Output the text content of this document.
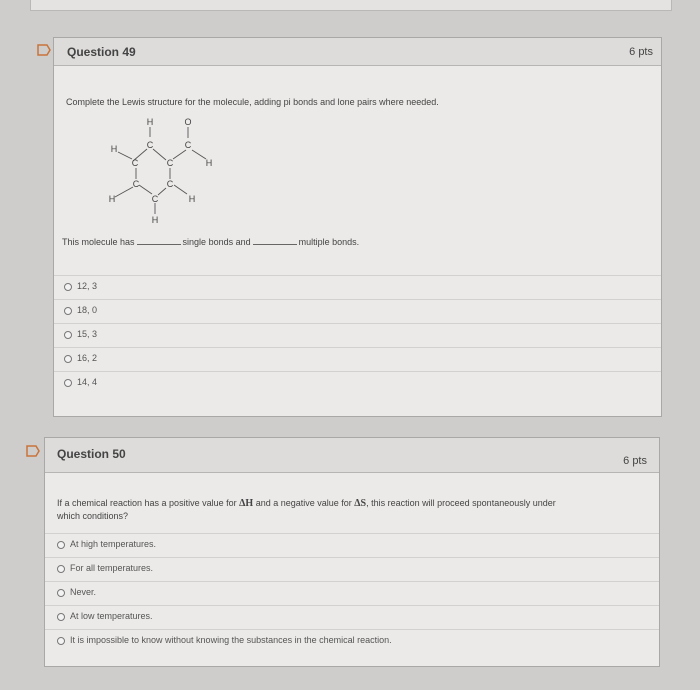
Question 49	6 pts
Complete the Lewis structure for the molecule, adding pi bonds and lone pairs where needed.
H	O
H	C	C
C	H
C
C
H
C
H
C
H
This molecule has	single bonds and	multiple bonds.
12, 3
18, 0
15, 3
16, 2
14, 4
Question 50	6 pts
If a chemical reaction has a positive value for ΔH and a negative value for ΔS, this reaction will proceed spontaneously under
which conditions?
At high temperatures.
For all temperatures.
Never.
At low temperatures.
It is impossible to know without knowing the substances in the chemical reaction.
